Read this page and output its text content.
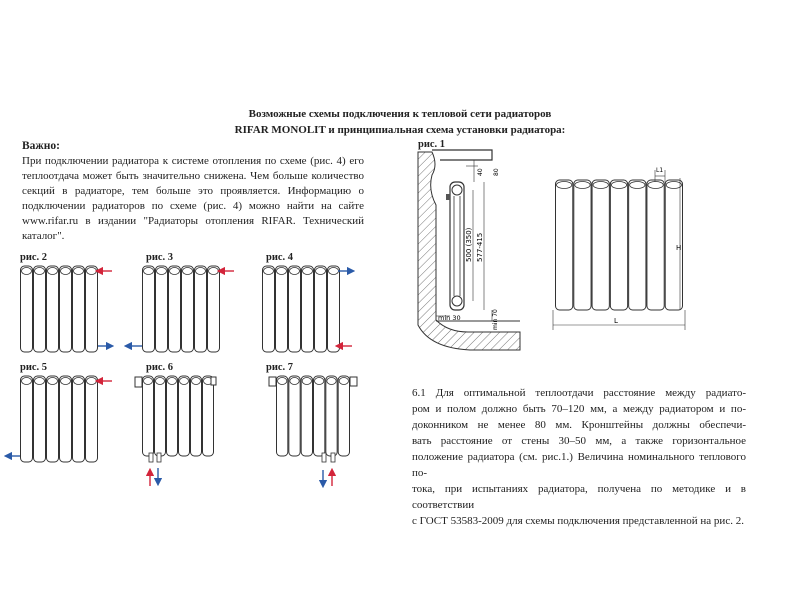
Возможные схемы подключения к тепловой сети радиаторов
RIFAR MONOLIT и принципиальная схема установки радиатора:
Важно:
При подключении радиатора к системе отопления по схеме (рис. 4) его
теплоотдача может быть значительно снижена. Чем больше количество
секций в радиаторе, тем больше это проявляется. Информацию о
подключении радиаторов по схеме (рис. 4) можно найти на сайте
www.rifar.ru в издании "Радиаторы отопления RIFAR. Технический
каталог".
рис. 2	рис. 3	рис. 4
рис. 5	рис. 6	рис. 7
рис. 1
500 (350) 577-415
40 80
min 30	min 70	L
H
L1
6.1 Для оптимальной теплоотдачи расстояние между радиато-
ром и полом должно быть 70–120 мм, а между радиатором и по-
доконником не менее 80 мм. Кронштейны должны обеспечи-
вать расстояние от стены 30–50 мм, а также горизонтальное
положение радиатора (см. рис.1.) Величина номинального теплового по-
тока, при испытаниях радиатора, получена по методике и в соответствии
с ГОСТ 53583-2009 для схемы подключения представленной на рис. 2.
